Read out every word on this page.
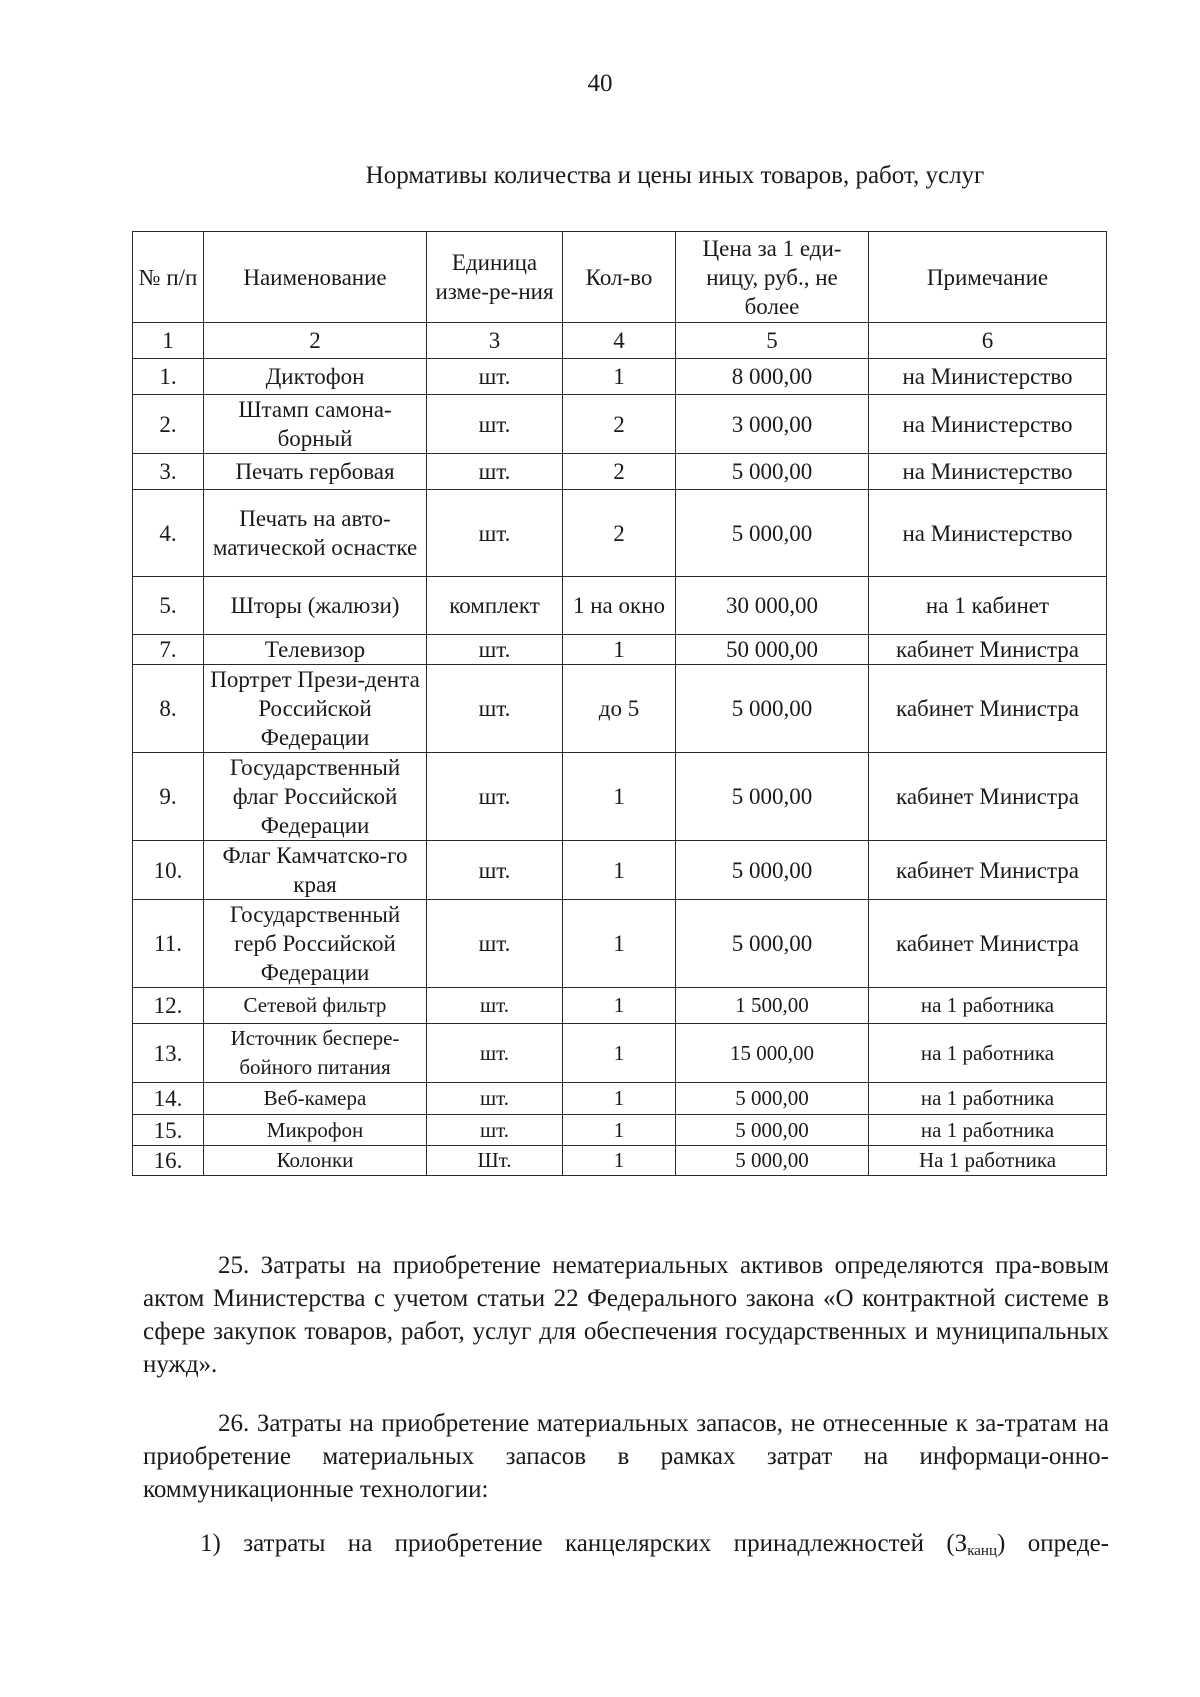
40
Нормативы количества и цены иных товаров, работ, услуг
№ п/п	Наименование	Единица изме-ре-ния	Кол-во	Цена за 1 еди-ницу, руб., не более	Примечание
1	2	3	4	5	6
1.	Диктофон	шт.	1	8 000,00	на Министерство
2.	Штамп самона-борный	шт.	2	3 000,00	на Министерство
3.	Печать гербовая	шт.	2	5 000,00	на Министерство
4.	Печать на авто-матической оснастке	шт.	2	5 000,00	на Министерство
5.	Шторы (жалюзи)	комплект	1 на окно	30 000,00	на 1 кабинет
7.	Телевизор	шт.	1	50 000,00	кабинет Министра
8.	Портрет Прези-дента Российской Федерации	шт.	до 5	5 000,00	кабинет Министра
9.	Государственный флаг Российской Федерации	шт.	1	5 000,00	кабинет Министра
10.	Флаг Камчатско-го края	шт.	1	5 000,00	кабинет Министра
11.	Государственный герб Российской Федерации	шт.	1	5 000,00	кабинет Министра
12.	Сетевой фильтр	шт.	1	1 500,00	на 1 работника
13.	Источник беспере-бойного питания	шт.	1	15 000,00	на 1 работника
14.	Веб-камера	шт.	1	5 000,00	на 1 работника
15.	Микрофон	шт.	1	5 000,00	на 1 работника
16.	Колонки	Шт.	1	5 000,00	На 1 работника
25. Затраты на приобретение нематериальных активов определяются пра-вовым актом Министерства с учетом статьи 22 Федерального закона «О контрактной системе в сфере закупок товаров, работ, услуг для обеспечения государственных и муниципальных нужд».
26. Затраты на приобретение материальных запасов, не отнесенные к за-тратам на приобретение материальных запасов в рамках затрат на информаци-онно-коммуникационные технологии:
1) затраты на приобретение канцелярских принадлежностей $(З_{канц})$ опреде-
